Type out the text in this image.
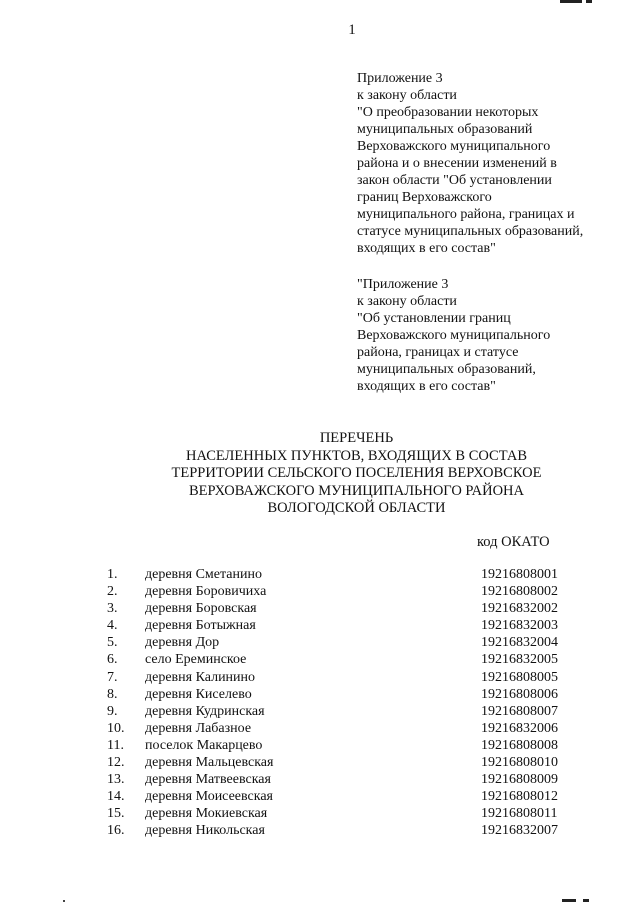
1
Приложение 3
к закону области
"О преобразовании некоторых
муниципальных образований
Верховажского муниципального
района и о внесении изменений в
закон области "Об установлении
границ Верховажского
муниципального района, границах и
статусе муниципальных образований,
входящих в его состав"
"Приложение 3
к закону области
"Об установлении границ
Верховажского муниципального
района, границах и статусе
муниципальных образований,
входящих в его состав"
ПЕРЕЧЕНЬ
НАСЕЛЕННЫХ ПУНКТОВ, ВХОДЯЩИХ В СОСТАВ
ТЕРРИТОРИИ СЕЛЬСКОГО ПОСЕЛЕНИЯ ВЕРХОВСКОЕ
ВЕРХОВАЖСКОГО МУНИЦИПАЛЬНОГО РАЙОНА
ВОЛОГОДСКОЙ ОБЛАСТИ
код ОКАТО
1. деревня Сметанино	19216808001
2. деревня Боровичиха	19216808002
3. деревня Боровская	19216832002
4. деревня Ботыжная	19216832003
5. деревня Дор	19216832004
6. село Ереминское	19216832005
7. деревня Калинино	19216808005
8. деревня Киселево	19216808006
9. деревня Кудринская	19216808007
10. деревня Лабазное	19216832006
11. поселок Макарцево	19216808008
12. деревня Мальцевская	19216808010
13. деревня Матвеевская	19216808009
14. деревня Моисеевская	19216808012
15. деревня Мокиевская	19216808011
16. деревня Никольская	19216832007
